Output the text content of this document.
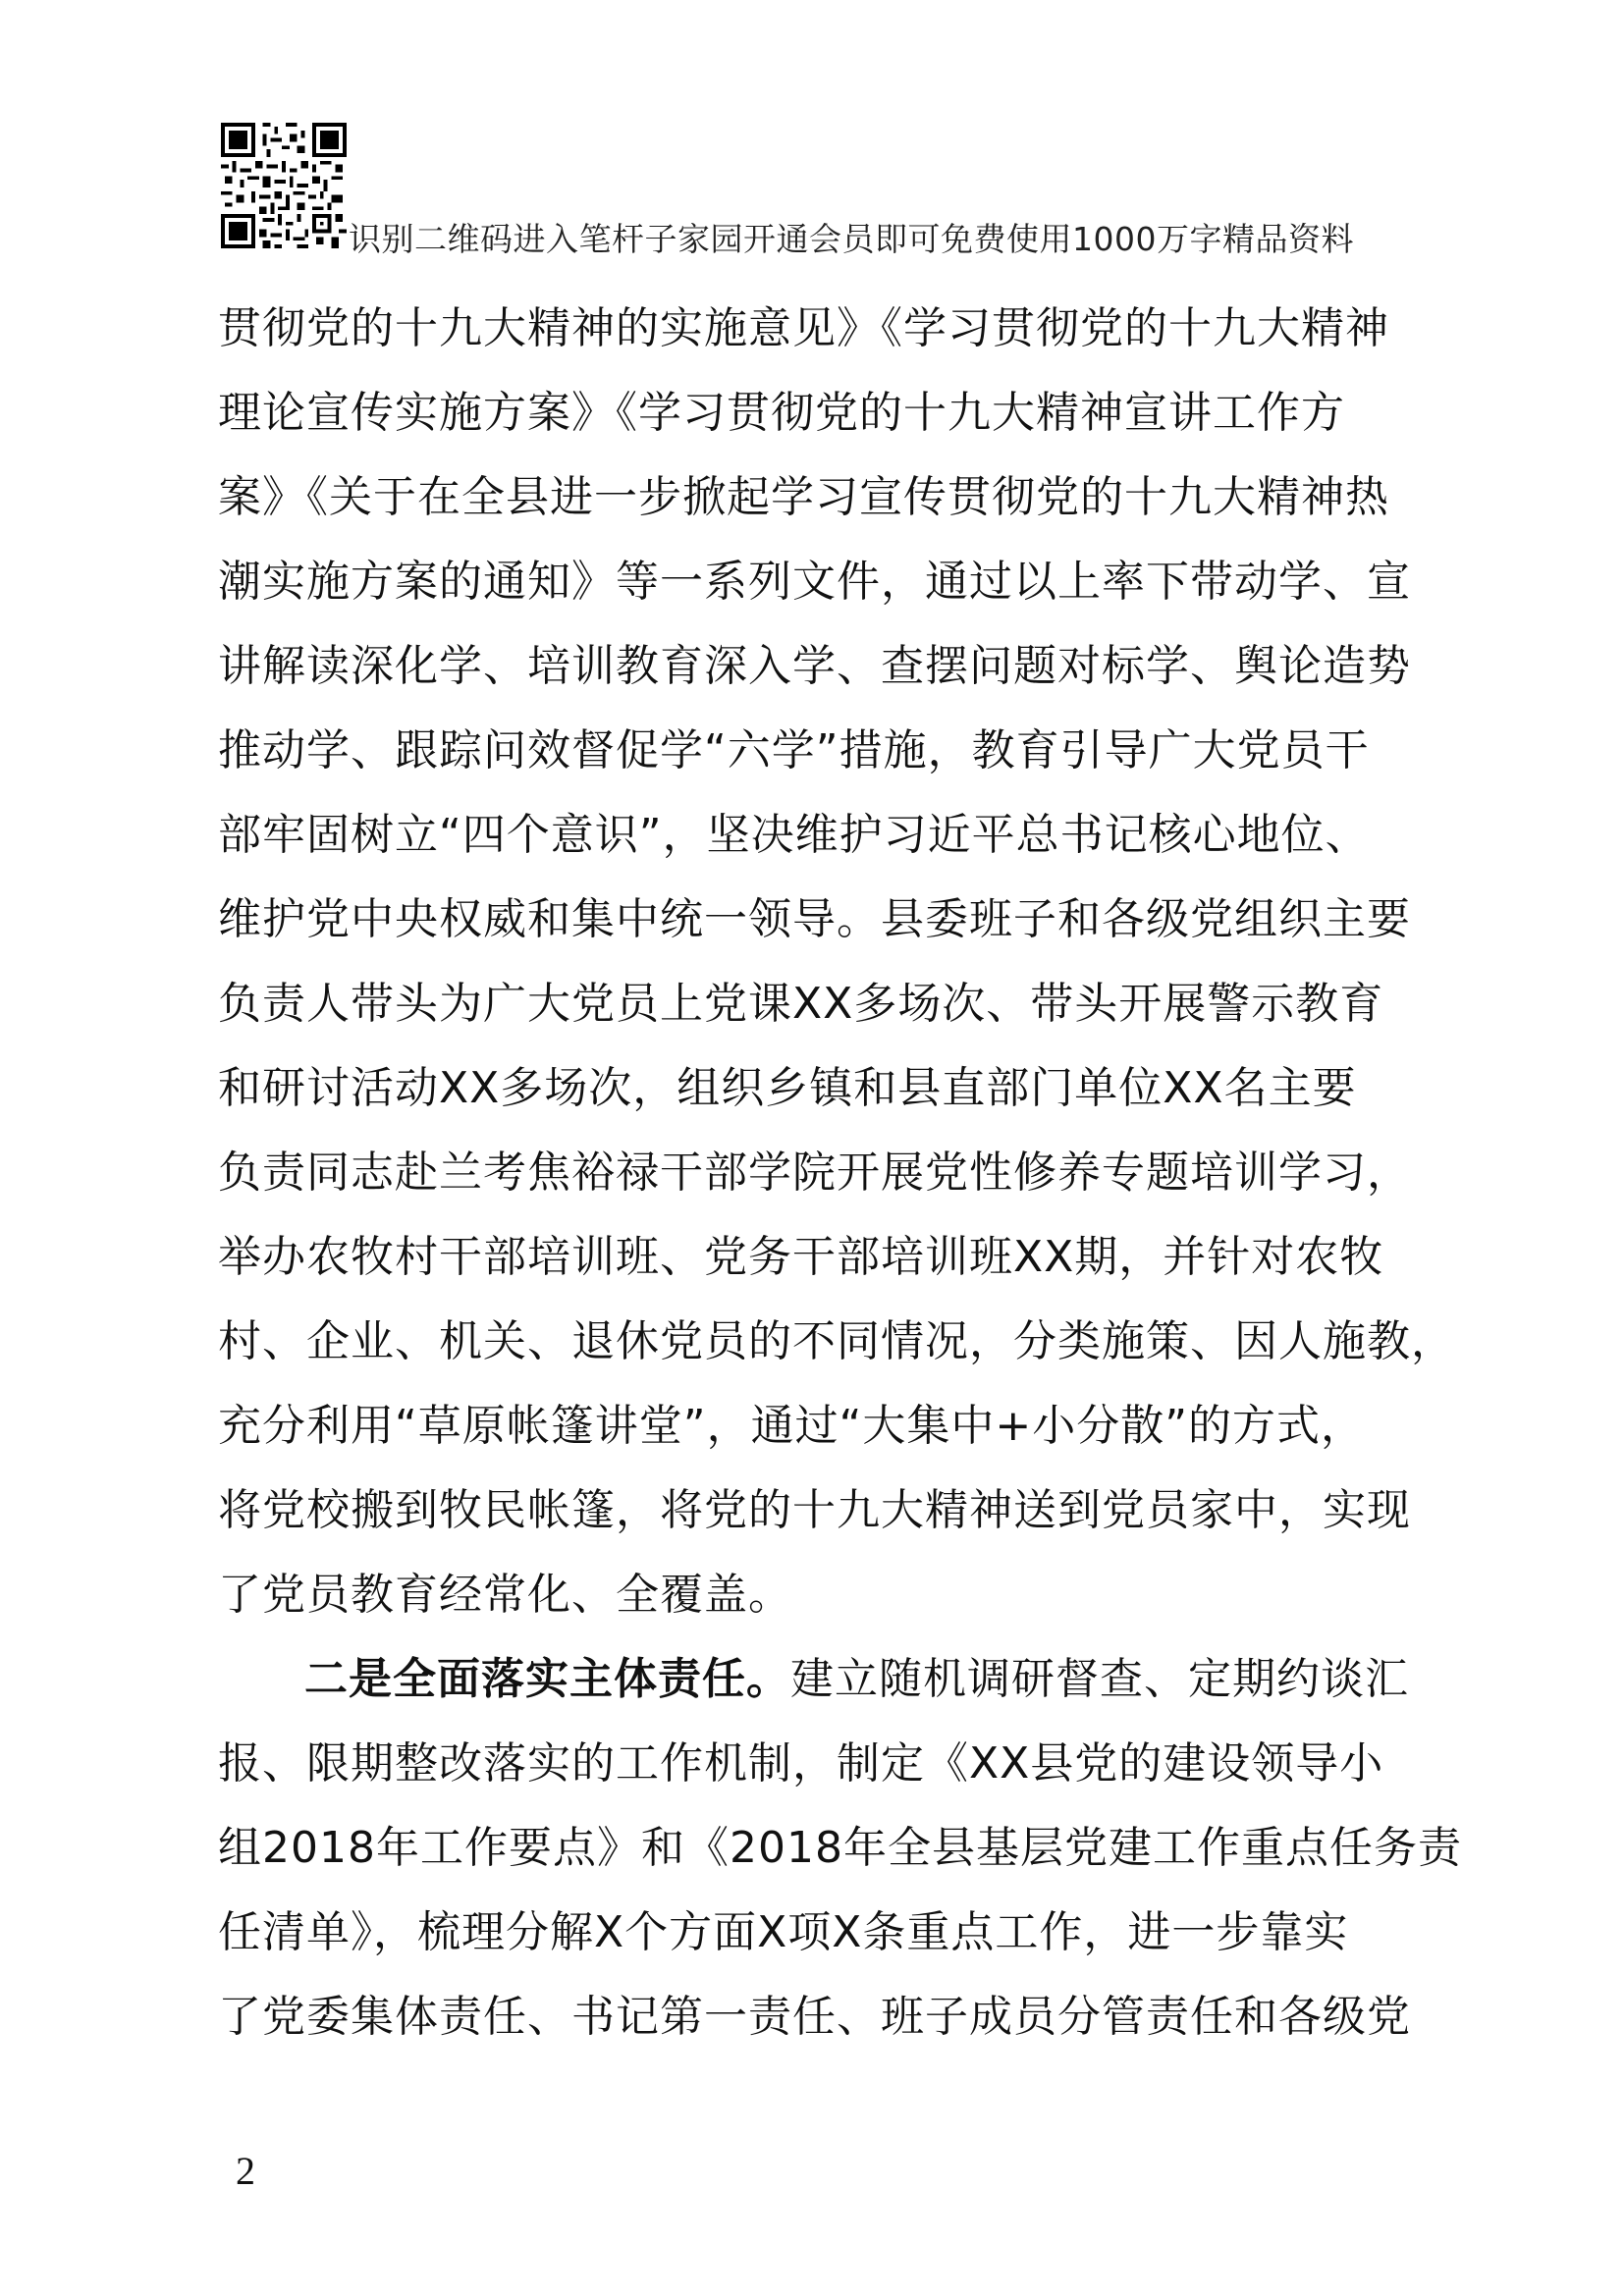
识别二维码进入笔杆子家园开通会员即可免费使用1000万字精品资料
贯彻党的十九大精神的实施意见》《学习贯彻党的十九大精神
理论宣传实施方案》《学习贯彻党的十九大精神宣讲工作方
案》《关于在全县进一步掀起学习宣传贯彻党的十九大精神热
潮实施方案的通知》等一系列文件，通过以上率下带动学、宣
讲解读深化学、培训教育深入学、查摆问题对标学、舆论造势
推动学、跟踪问效督促学“六学”措施，教育引导广大党员干
部牢固树立“四个意识”，坚决维护习近平总书记核心地位、
维护党中央权威和集中统一领导。县委班子和各级党组织主要
负责人带头为广大党员上党课XX多场次、带头开展警示教育
和研讨活动XX多场次，组织乡镇和县直部门单位XX名主要
负责同志赴兰考焦裕禄干部学院开展党性修养专题培训学习，
举办农牧村干部培训班、党务干部培训班XX期，并针对农牧
村、企业、机关、退休党员的不同情况，分类施策、因人施教，
充分利用“草原帐篷讲堂”，通过“大集中+小分散”的方式，
将党校搬到牧民帐篷，将党的十九大精神送到党员家中，实现
了党员教育经常化、全覆盖。
二是全面落实主体责任。建立随机调研督查、定期约谈汇
报、限期整改落实的工作机制，制定《XX县党的建设领导小
组2018年工作要点》和《2018年全县基层党建工作重点任务责
任清单》，梳理分解X个方面X项X条重点工作，进一步靠实
了党委集体责任、书记第一责任、班子成员分管责任和各级党
2
